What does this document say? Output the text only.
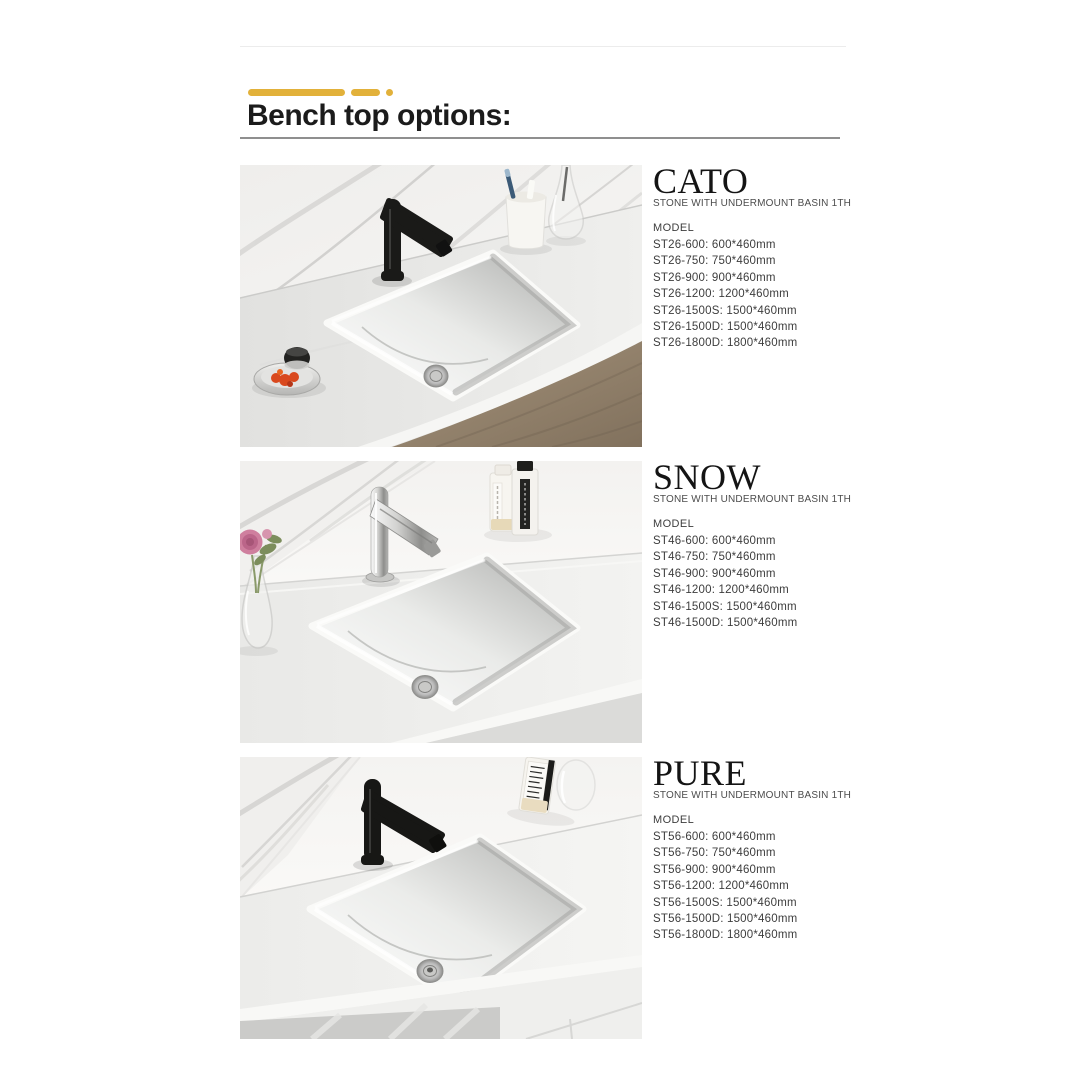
Bench top options:
CATO
STONE WITH UNDERMOUNT BASIN 1TH
MODEL
ST26-600: 600*460mm
ST26-750: 750*460mm
ST26-900: 900*460mm
ST26-1200: 1200*460mm
ST26-1500S: 1500*460mm
ST26-1500D: 1500*460mm
ST26-1800D: 1800*460mm
SNOW
STONE WITH UNDERMOUNT BASIN 1TH
MODEL
ST46-600: 600*460mm
ST46-750: 750*460mm
ST46-900: 900*460mm
ST46-1200: 1200*460mm
ST46-1500S: 1500*460mm
ST46-1500D: 1500*460mm
PURE
STONE WITH UNDERMOUNT BASIN 1TH
MODEL
ST56-600: 600*460mm
ST56-750: 750*460mm
ST56-900: 900*460mm
ST56-1200: 1200*460mm
ST56-1500S: 1500*460mm
ST56-1500D: 1500*460mm
ST56-1800D: 1800*460mm
